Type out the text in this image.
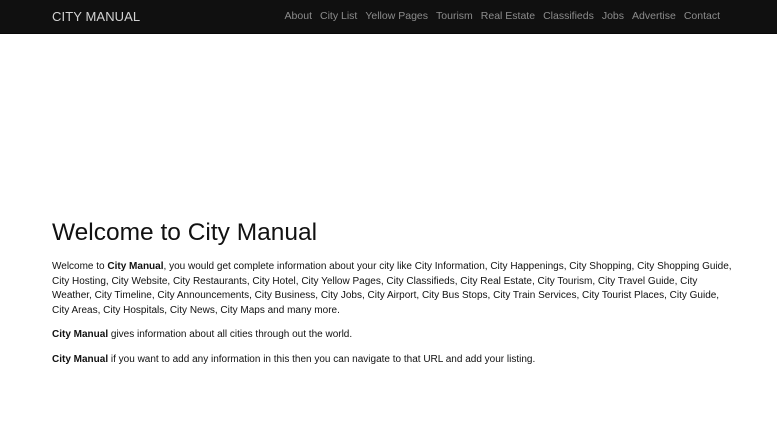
CITY MANUAL	About City List Yellow Pages Tourism Real Estate Classifieds Jobs Advertise Contact
Welcome to City Manual

Welcome to City Manual, you would get complete information about your city like City Information, City Happenings, City Shopping, City Shopping Guide, City Hosting, City Website, City Restaurants, City Hotel, City Yellow Pages, City Classifieds, City Real Estate, City Tourism, City Travel Guide, City Weather, City Timeline, City Announcements, City Business, City Jobs, City Airport, City Bus Stops, City Train Services, City Tourist Places, City Guide, City Areas, City Hospitals, City News, City Maps and many more.

City Manual gives information about all cities through out the world.

City Manual if you want to add any information in this then you can navigate to that URL and add your listing.
